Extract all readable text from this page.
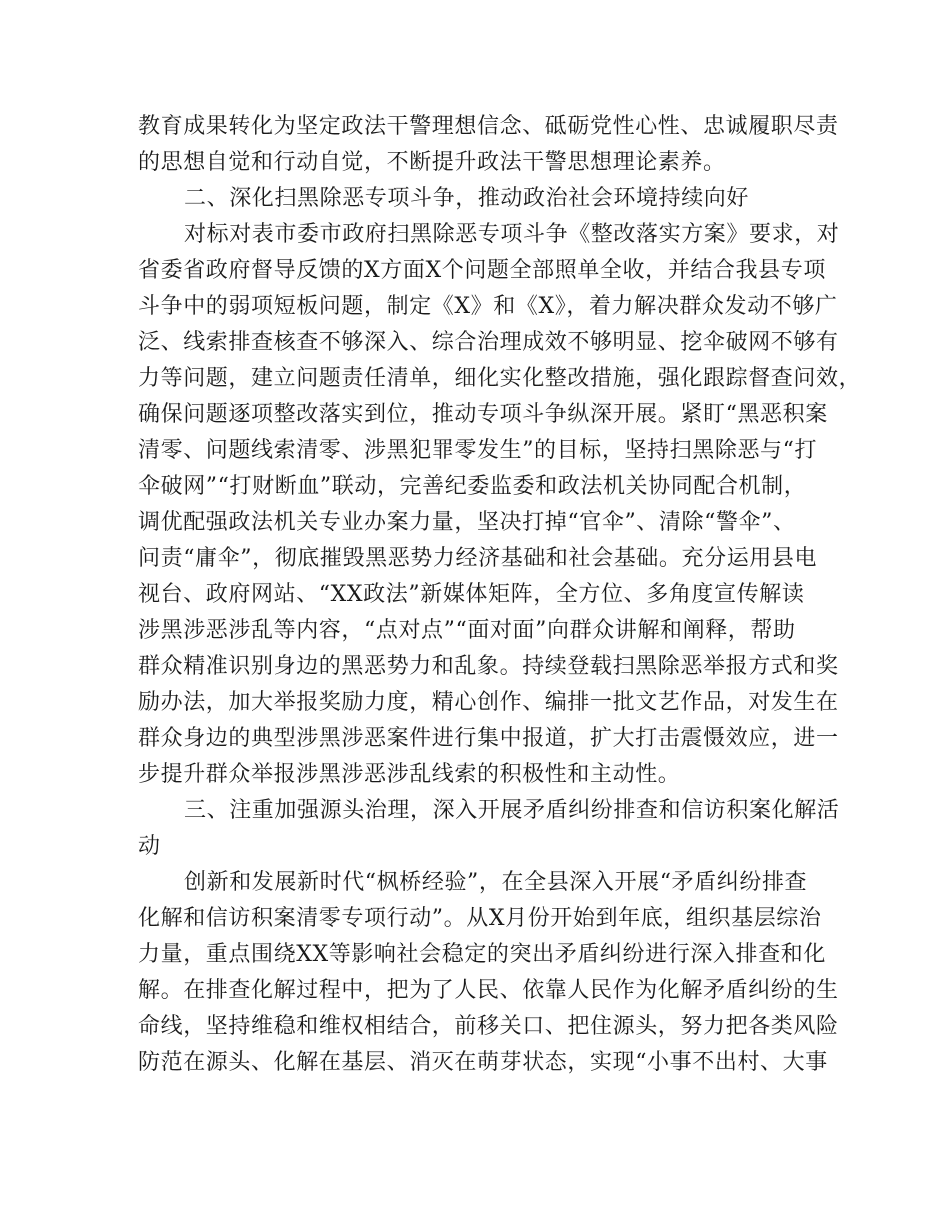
教育成果转化为坚定政法干警理想信念、砥砺党性心性、忠诚履职尽责
的思想自觉和行动自觉，不断提升政法干警思想理论素养。
二、深化扫黑除恶专项斗争，推动政治社会环境持续向好
对标对表市委市政府扫黑除恶专项斗争《整改落实方案》要求，对
省委省政府督导反馈的X方面X个问题全部照单全收，并结合我县专项
斗争中的弱项短板问题，制定《X》和《X》，着力解决群众发动不够广
泛、线索排查核查不够深入、综合治理成效不够明显、挖伞破网不够有
力等问题，建立问题责任清单，细化实化整改措施，强化跟踪督查问效，
确保问题逐项整改落实到位，推动专项斗争纵深开展。紧盯“黑恶积案
清零、问题线索清零、涉黑犯罪零发生”的目标，坚持扫黑除恶与“打
伞破网”“打财断血”联动，完善纪委监委和政法机关协同配合机制，
调优配强政法机关专业办案力量，坚决打掉“官伞”、清除“警伞”、
问责“庸伞”，彻底摧毁黑恶势力经济基础和社会基础。充分运用县电
视台、政府网站、“XX政法”新媒体矩阵，全方位、多角度宣传解读
涉黑涉恶涉乱等内容，“点对点”“面对面”向群众讲解和阐释，帮助
群众精准识别身边的黑恶势力和乱象。持续登载扫黑除恶举报方式和奖
励办法，加大举报奖励力度，精心创作、编排一批文艺作品，对发生在
群众身边的典型涉黑涉恶案件进行集中报道，扩大打击震慑效应，进一
步提升群众举报涉黑涉恶涉乱线索的积极性和主动性。
三、注重加强源头治理，深入开展矛盾纠纷排查和信访积案化解活
动
创新和发展新时代“枫桥经验”，在全县深入开展“矛盾纠纷排查
化解和信访积案清零专项行动”。从X月份开始到年底，组织基层综治
力量，重点围绕XX等影响社会稳定的突出矛盾纠纷进行深入排查和化
解。在排查化解过程中，把为了人民、依靠人民作为化解矛盾纠纷的生
命线，坚持维稳和维权相结合，前移关口、把住源头，努力把各类风险
防范在源头、化解在基层、消灭在萌芽状态，实现“小事不出村、大事
